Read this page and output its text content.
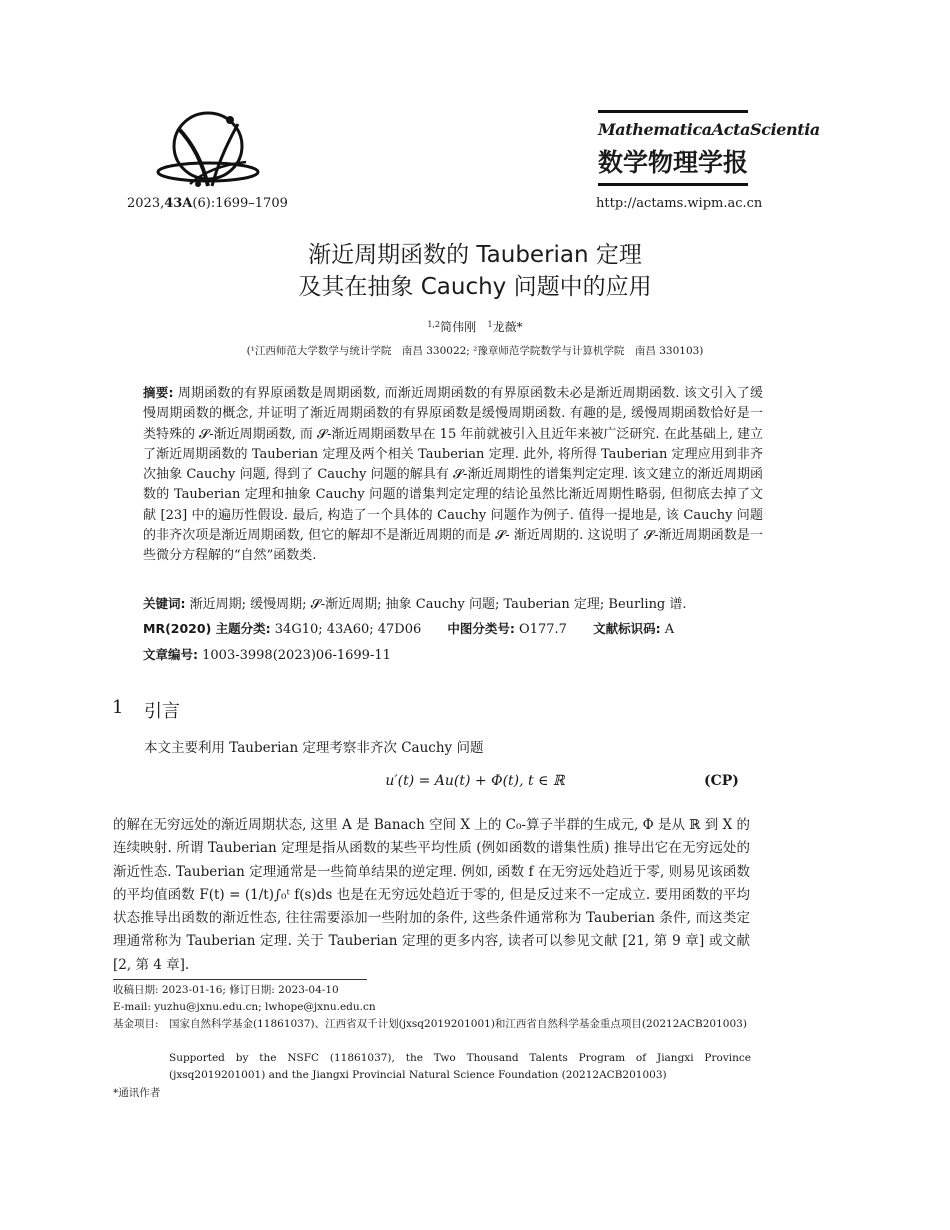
2023,43A(6):1699–1709
MathematicaActaScientia
数学物理学报
http://actams.wipm.ac.cn
渐近周期函数的 Tauberian 定理
及其在抽象 Cauchy 问题中的应用
$^{1,2}$简伟刚 $^1$龙薇*
(¹江西师范大学数学与统计学院　南昌 330022; ²豫章师范学院数学与计算机学院　南昌 330103)
摘要: 周期函数的有界原函数是周期函数, 而渐近周期函数的有界原函数未必是渐近周期函数. 该文引入了缓慢周期函数的概念, 并证明了渐近周期函数的有界原函数是缓慢周期函数. 有趣的是, 缓慢周期函数恰好是一类特殊的 𝓢-渐近周期函数, 而 𝓢-渐近周期函数早在 15 年前就被引入且近年来被广泛研究. 在此基础上, 建立了渐近周期函数的 Tauberian 定理及两个相关 Tauberian 定理. 此外, 将所得 Tauberian 定理应用到非齐次抽象 Cauchy 问题, 得到了 Cauchy 问题的解具有 𝓢-渐近周期性的谱集判定定理. 该文建立的渐近周期函数的 Tauberian 定理和抽象 Cauchy 问题的谱集判定定理的结论虽然比渐近周期性略弱, 但彻底去掉了文献 [23] 中的遍历性假设. 最后, 构造了一个具体的 Cauchy 问题作为例子. 值得一提地是, 该 Cauchy 问题的非齐次项是渐近周期函数, 但它的解却不是渐近周期的而是 𝓢- 渐近周期的. 这说明了 𝓢-渐近周期函数是一些微分方程解的“自然”函数类.
关键词: 渐近周期; 缓慢周期; 𝓢-渐近周期; 抽象 Cauchy 问题; Tauberian 定理; Beurling 谱.
MR(2020) 主题分类: 34G10; 43A60; 47D06 中图分类号: O177.7 文献标识码: A
文章编号: 1003-3998(2023)06-1699-11
1 引言
本文主要利用 Tauberian 定理考察非齐次 Cauchy 问题
u′(t) = Au(t) + Φ(t), t ∈ ℝ	(CP)
的解在无穷远处的渐近周期状态, 这里 A 是 Banach 空间 X 上的 C₀-算子半群的生成元, Φ 是从 ℝ 到 X 的连续映射. 所谓 Tauberian 定理是指从函数的某些平均性质 (例如函数的谱集性质) 推导出它在无穷远处的渐近性态. Tauberian 定理通常是一些简单结果的逆定理. 例如, 函数 f 在无穷远处趋近于零, 则易见该函数的平均值函数 F(t) = (1/t)∫₀ᵗ f(s)ds 也是在无穷远处趋近于零的, 但是反过来不一定成立. 要用函数的平均状态推导出函数的渐近性态, 往往需要添加一些附加的条件, 这些条件通常称为 Tauberian 条件, 而这类定理通常称为 Tauberian 定理. 关于 Tauberian 定理的更多内容, 读者可以参见文献 [21, 第 9 章] 或文献 [2, 第 4 章].
收稿日期: 2023-01-16; 修订日期: 2023-04-10
E-mail: yuzhu@jxnu.edu.cn; lwhope@jxnu.edu.cn
基金项目: 国家自然科学基金(11861037)、江西省双千计划(jxsq2019201001)和江西省自然科学基金重点项目(20212ACB201003)
Supported by the NSFC (11861037), the Two Thousand Talents Program of Jiangxi Province (jxsq2019201001) and the Jiangxi Provincial Natural Science Foundation (20212ACB201003)
*通讯作者
